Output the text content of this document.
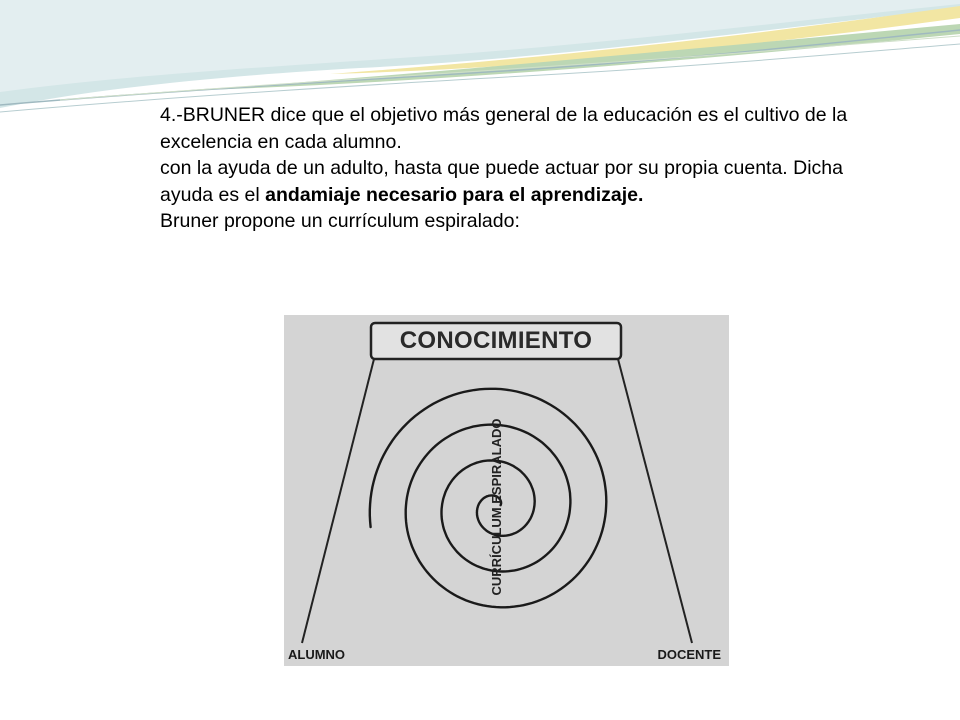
4.-BRUNER dice que el objetivo más general de la educación es el cultivo de la excelencia en cada alumno.

con la ayuda de un adulto, hasta que puede actuar por su propia cuenta. Dicha ayuda es el andamiaje necesario para el aprendizaje.

Bruner propone un currículum espiralado:

CONOCIMIENTO
ALUMNO	DOCENTE
CURRÍCULUM ESPIRALADO
